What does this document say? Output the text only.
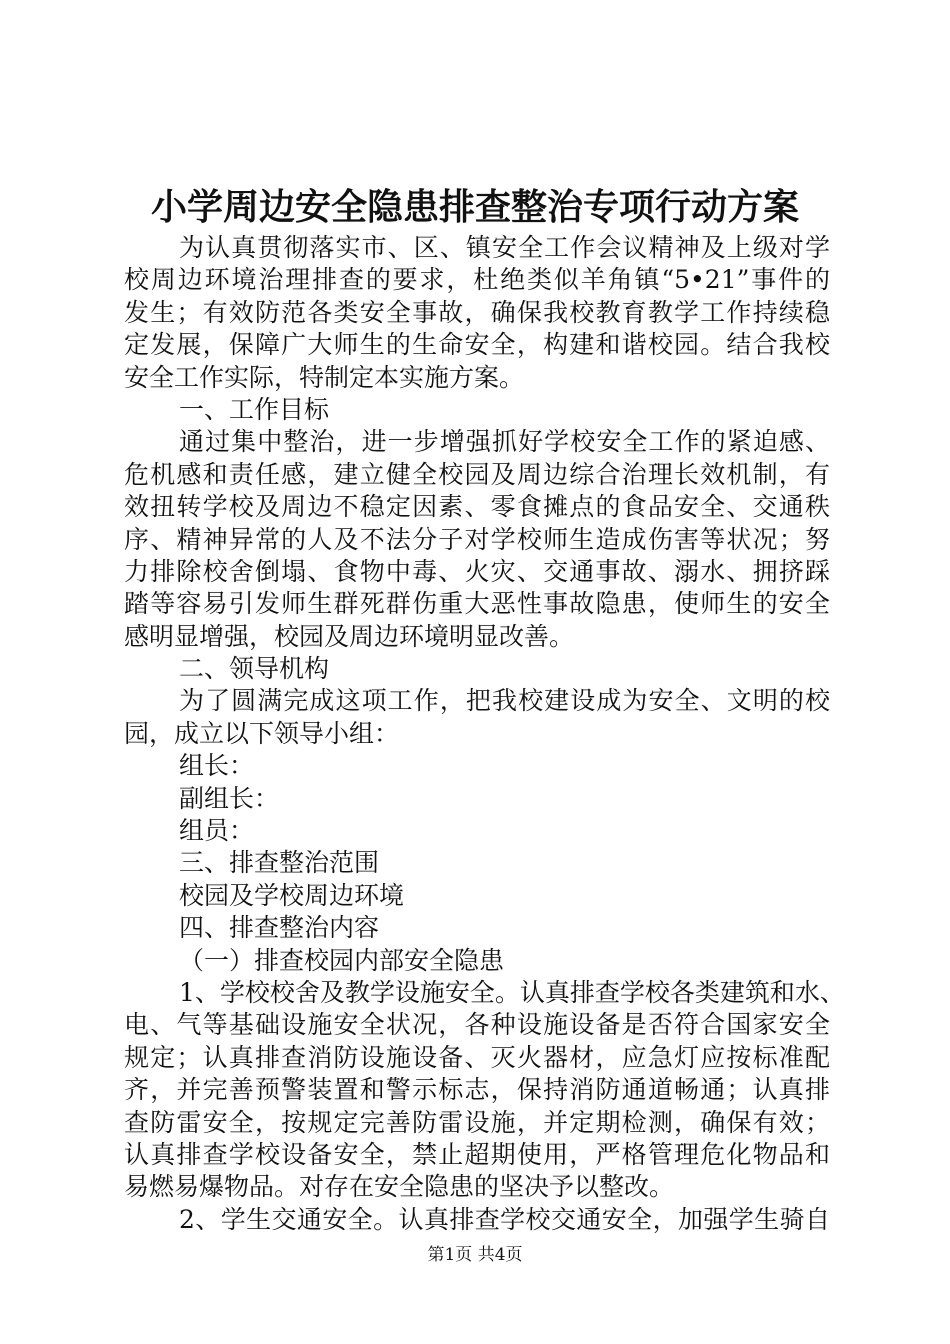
小学周边安全隐患排查整治专项行动方案
为认真贯彻落实市、区、镇安全工作会议精神及上级对学
校周边环境治理排查的要求，杜绝类似羊角镇“5•21”事件的
发生；有效防范各类安全事故，确保我校教育教学工作持续稳
定发展，保障广大师生的生命安全，构建和谐校园。结合我校
安全工作实际，特制定本实施方案。
一、工作目标
通过集中整治，进一步增强抓好学校安全工作的紧迫感、
危机感和责任感，建立健全校园及周边综合治理长效机制，有
效扭转学校及周边不稳定因素、零食摊点的食品安全、交通秩
序、精神异常的人及不法分子对学校师生造成伤害等状况；努
力排除校舍倒塌、食物中毒、火灾、交通事故、溺水、拥挤踩
踏等容易引发师生群死群伤重大恶性事故隐患，使师生的安全
感明显增强，校园及周边环境明显改善。
二、领导机构
为了圆满完成这项工作，把我校建设成为安全、文明的校
园，成立以下领导小组：
组长：
副组长：
组员：
三、排查整治范围
校园及学校周边环境
四、排查整治内容
（一）排查校园内部安全隐患
1、学校校舍及教学设施安全。认真排查学校各类建筑和水、
电、气等基础设施安全状况，各种设施设备是否符合国家安全
规定；认真排查消防设施设备、灭火器材，应急灯应按标准配
齐，并完善预警装置和警示标志，保持消防通道畅通；认真排
查防雷安全，按规定完善防雷设施，并定期检测，确保有效；
认真排查学校设备安全，禁止超期使用，严格管理危化物品和
易燃易爆物品。对存在安全隐患的坚决予以整改。
2、学生交通安全。认真排查学校交通安全，加强学生骑自
第1页 共4页
